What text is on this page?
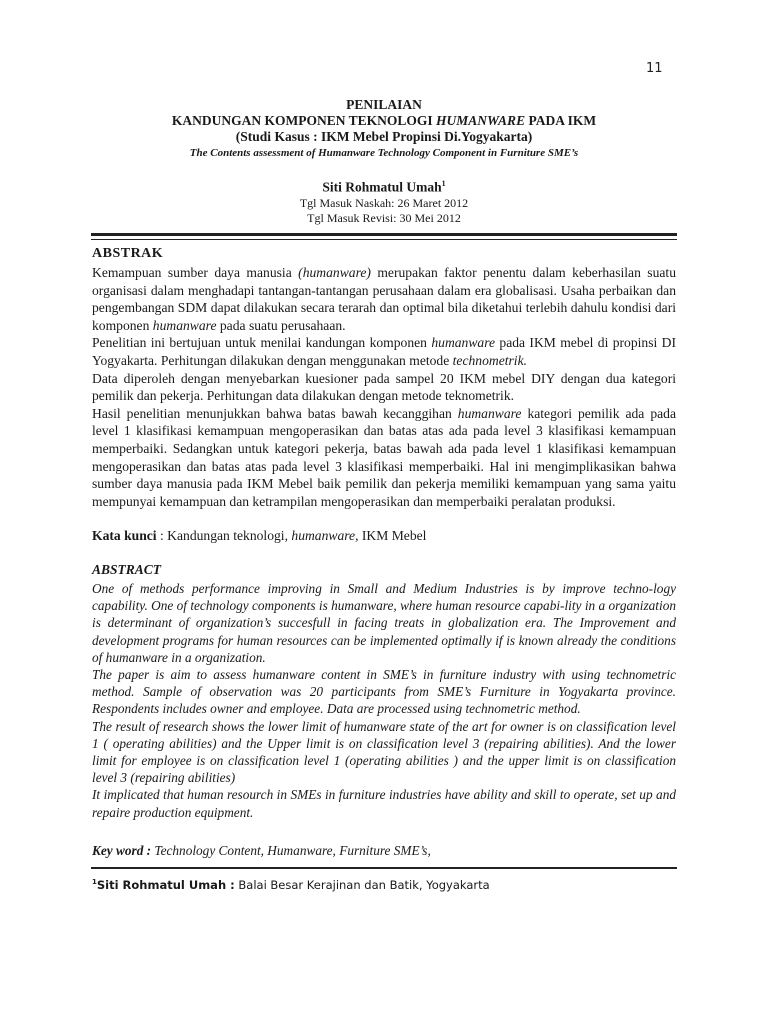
11
PENILAIAN
KANDUNGAN KOMPONEN TEKNOLOGI HUMANWARE PADA IKM
(Studi Kasus : IKM Mebel Propinsi Di.Yogyakarta)
The Contents assessment of Humanware Technology Component in Furniture SME’s
Siti Rohmatul Umah$^1$
Tgl Masuk Naskah: 26 Maret 2012
Tgl Masuk Revisi: 30 Mei 2012
ABSTRAK

Kemampuan sumber daya manusia (humanware) merupakan faktor penentu dalam keberhasilan suatu organisasi dalam menghadapi tantangan-tantangan perusahaan dalam era globalisasi. Usaha perbaikan dan pengembangan SDM dapat dilakukan secara terarah dan optimal bila diketahui terlebih dahulu kondisi dari komponen humanware pada suatu perusahaan.

Penelitian ini bertujuan untuk menilai kandungan komponen humanware pada IKM mebel di propinsi DI Yogyakarta. Perhitungan dilakukan dengan menggunakan metode technometrik.

Data diperoleh dengan menyebarkan kuesioner pada sampel 20 IKM mebel DIY dengan dua kategori pemilik dan pekerja. Perhitungan data dilakukan dengan metode teknometrik.

Hasil penelitian menunjukkan bahwa batas bawah kecanggihan humanware kategori pemilik ada pada level 1 klasifikasi kemampuan mengoperasikan dan batas atas ada pada level 3 klasifikasi kemampuan memperbaiki. Sedangkan untuk kategori pekerja, batas bawah ada pada level 1 klasifikasi kemampuan mengoperasikan dan batas atas pada level 3 klasifikasi memperbaiki. Hal ini mengimplikasikan bahwa sumber daya manusia pada IKM Mebel baik pemilik dan pekerja memiliki kemampuan yang sama yaitu mempunyai kemampuan dan ketrampilan mengoperasikan dan memperbaiki peralatan produksi.

Kata kunci : Kandungan teknologi, humanware, IKM Mebel
ABSTRACT

One of methods performance improving in Small and Medium Industries is by improve techno-logy capability. One of technology components is humanware, where human resource capabi-lity in a organization is determinant of organization’s succesfull in facing treats in globalization era. The Improvement and development programs for human resources can be implemented optimally if is known already the conditions of humanware in a organization.

The paper is aim to assess humanware content in SME’s in furniture industry with using technometric method. Sample of observation was 20 participants from SME’s Furniture in Yogyakarta province. Respondents includes owner and employee. Data are processed using technometric method.

The result of research shows the lower limit of humanware state of the art for owner is on classification level 1 ( operating abilities) and the Upper limit is on classification level 3 (repairing abilities). And the lower limit for employee is on classification level 1 (operating abilities ) and the upper limit is on classification level 3 (repairing abilities)

It implicated that human resourch in SMEs in furniture industries have ability and skill to operate, set up and repaire production equipment.

Key word : Technology Content, Humanware, Furniture SME’s,
$^1$Siti Rohmatul Umah : Balai Besar Kerajinan dan Batik, Yogyakarta
